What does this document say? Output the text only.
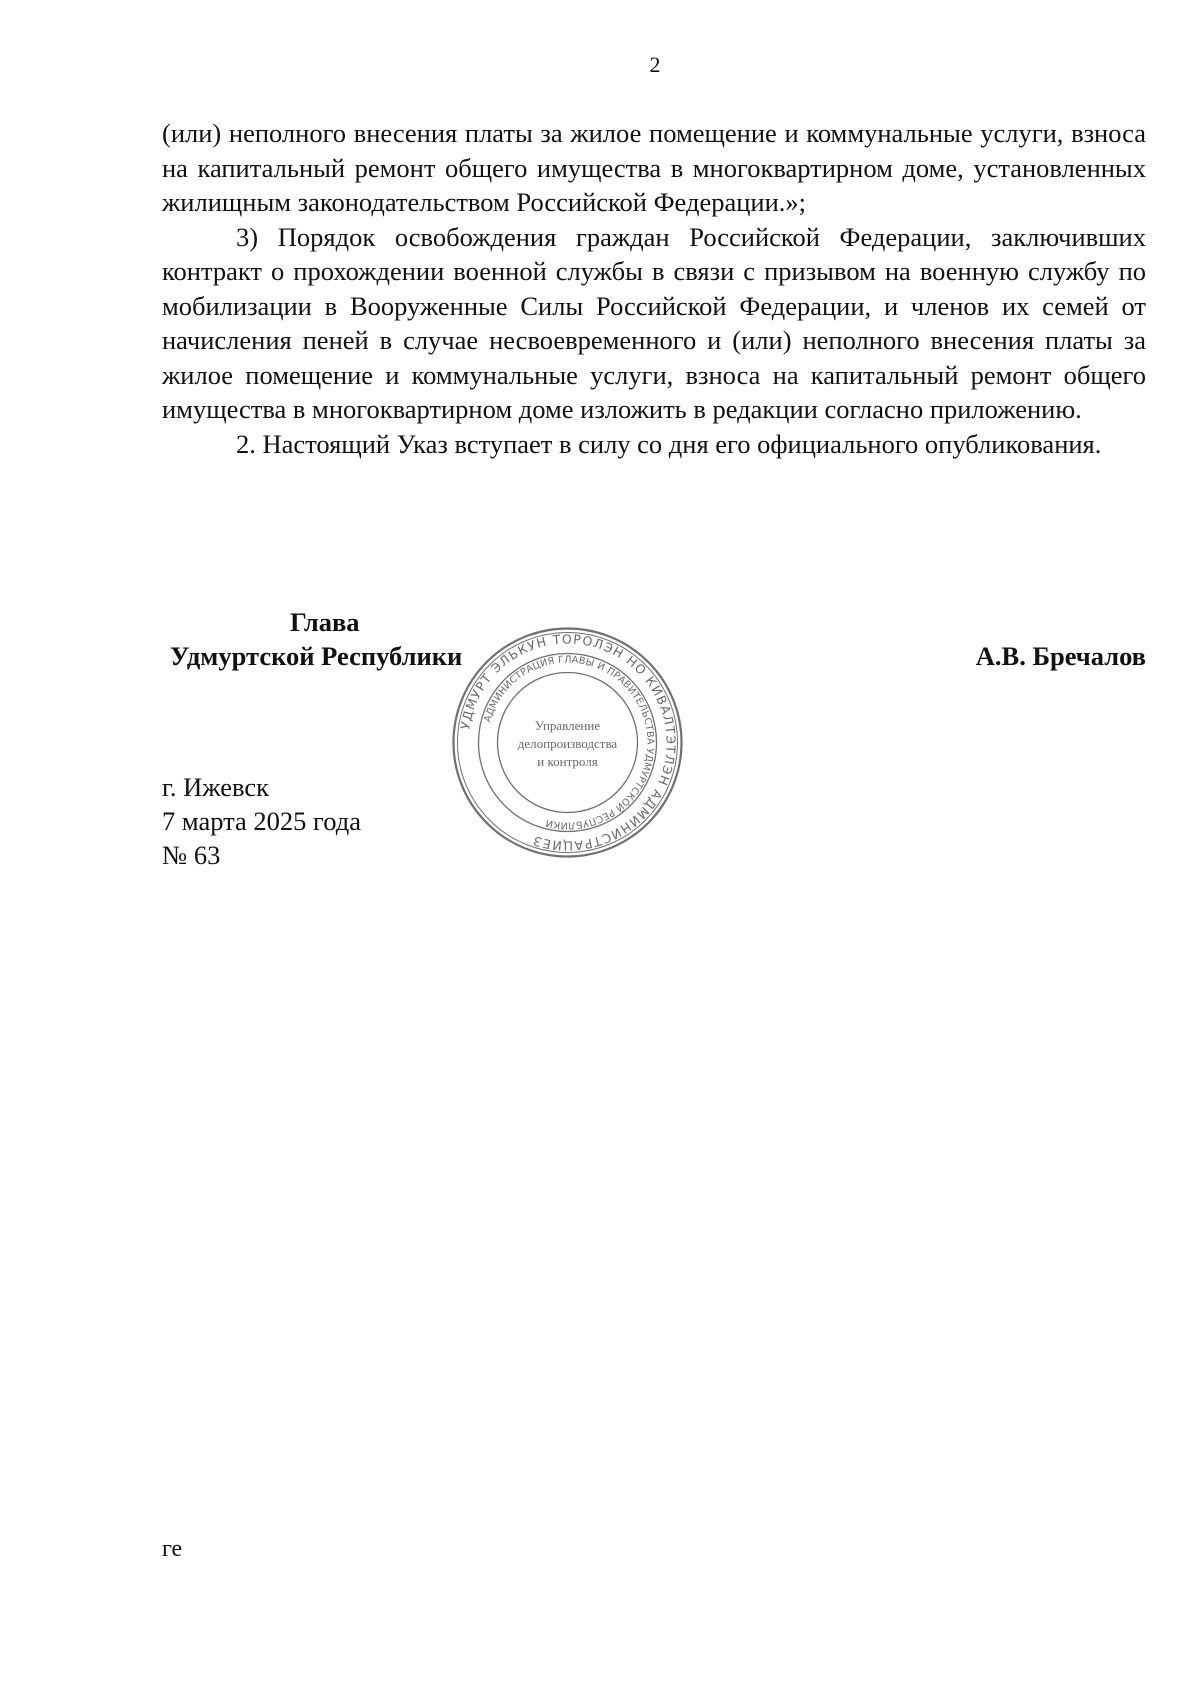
2

(или) неполного внесения платы за жилое помещение и коммунальные услуги, взноса на капитальный ремонт общего имущества в многоквартирном доме, установленных жилищным законодательством Российской Федерации.»;

3) Порядок освобождения граждан Российской Федерации, заключивших контракт о прохождении военной службы в связи с призывом на военную службу по мобилизации в Вооруженные Силы Российской Федерации, и членов их семей от начисления пеней в случае несвоевременного и (или) неполного внесения платы за жилое помещение и коммунальные услуги, взноса на капитальный ремонт общего имущества в многоквартирном доме изложить в редакции согласно приложению.

2. Настоящий Указ вступает в силу со дня его официального опубликования.

Глава
Удмуртской Республики	А.В. Бречалов
УДМУРТ ЭЛЬКУН ТОРОЛЭН НО КИВАЛТЭТЛЭН АДМИНИСТРАЦИЕЗ
АДМИНИСТРАЦИЯ ГЛАВЫ И ПРАВИТЕЛЬСТВА УДМУРТСКОЙ РЕСПУБЛИКИ
Управление
делопроизводства
и контроля
г. Ижевск
7 марта 2025 года
№ 63
ге
